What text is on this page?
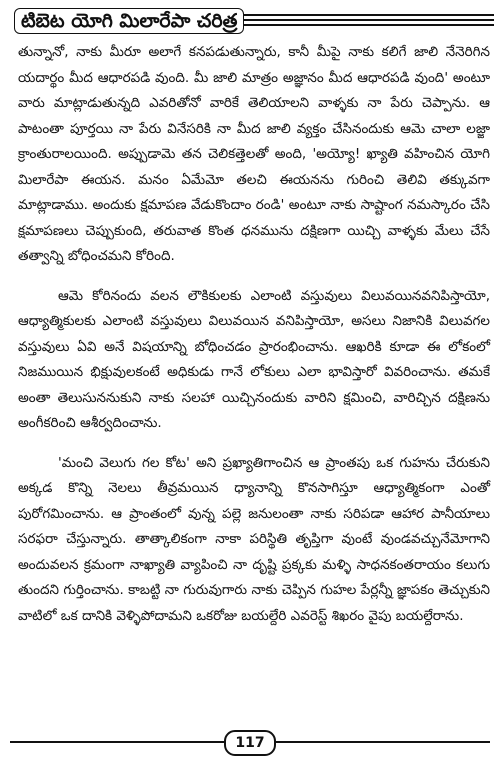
టిబెట యోగి మిలారేపా చరిత్ర

తున్నానో, నాకు మీరూ అలాగే కనపడుతున్నారు, కానీ మీపై నాకు కలిగే జాలి నేనెరిగిన యదార్థం మీద ఆధారపడి వుంది. మీ జాలి మాత్రం అజ్ఞానం మీద ఆధారపడి వుంది' అంటూ వారు మాట్లాడుతున్నది ఎవరితోనో వారికే తెలియాలని వాళ్ళకు నా పేరు చెప్పాను. ఆ పాటంతా పూర్తయి నా పేరు వినేసరికి నా మీద జాలి వ్యక్తం చేసినందుకు ఆమె చాలా లజ్జా క్రాంతురాలయింది. అప్పుడామె తన చెలికత్తెలతో అంది, 'అయ్యో! ఖ్యాతి వహించిన యోగి మిలారేపా ఈయన. మనం ఏమేమో తలచి ఈయనను గురించి తెలివి తక్కువగా మాట్లాడాము. అందుకు క్షమాపణ వేడుకొందాం రండి' అంటూ నాకు సాష్టాంగ నమస్కారం చేసి క్షమాపణలు చెప్పుకుంది, తరువాత కొంత ధనమును దక్షిణగా యిచ్చి వాళ్ళకు మేలు చేసే తత్వాన్ని బోధించమని కోరింది.

ఆమె కోరినందు వలన లౌకికులకు ఎలాంటి వస్తువులు విలువయినవనిపిస్తాయో, ఆధ్యాత్మికులకు ఎలాంటి వస్తువులు విలువయిన వనిపిస్తాయో, అసలు నిజానికి విలువగల వస్తువులు ఏవి అనే విషయాన్ని బోధించడం ప్రారంభించాను. ఆఖరికి కూడా ఈ లోకంలో నిజముయిన భిక్షువులకంటే అధికుడు గానే లోకులు ఎలా భావిస్తారో వివరించాను. తమకే అంతా తెలుసుననుకుని నాకు సలహా యిచ్చినందుకు వారిని క్షమించి, వారిచ్చిన దక్షిణను అంగీకరించి ఆశీర్వదించాను.

'మంచి వెలుగు గల కోట' అని ప్రఖ్యాతిగాంచిన ఆ ప్రాంతపు ఒక గుహను చేరుకుని అక్కడ కొన్ని నెలలు తీవ్రమయిన ధ్యానాన్ని కొనసాగిస్తూ ఆధ్యాత్మికంగా ఎంతో పురోగమించాను. ఆ ప్రాంతంలో వున్న పల్లె జనులంతా నాకు సరిపడా ఆహార పానీయాలు సరఫరా చేస్తున్నారు. తాత్కాలికంగా నాకా పరిస్థితి తృప్తిగా వుంటే వుండవచ్చునేమోగాని అందువలన క్రమంగా నాఖ్యాతి వ్యాపించి నా దృష్టి ప్రక్కకు మళ్ళి సాధనకంతరాయం కలుగు తుందని గుర్తించాను. కాబట్టి నా గురువుగారు నాకు చెప్పిన గుహల పేర్లన్నీ జ్ఞాపకం తెచ్చుకుని వాటిలో ఒక దానికి వెళ్ళిపోదామని ఒకరోజు బయల్దేరి ఎవరెస్ట్ శిఖరం వైపు బయల్దేరాను.

117
